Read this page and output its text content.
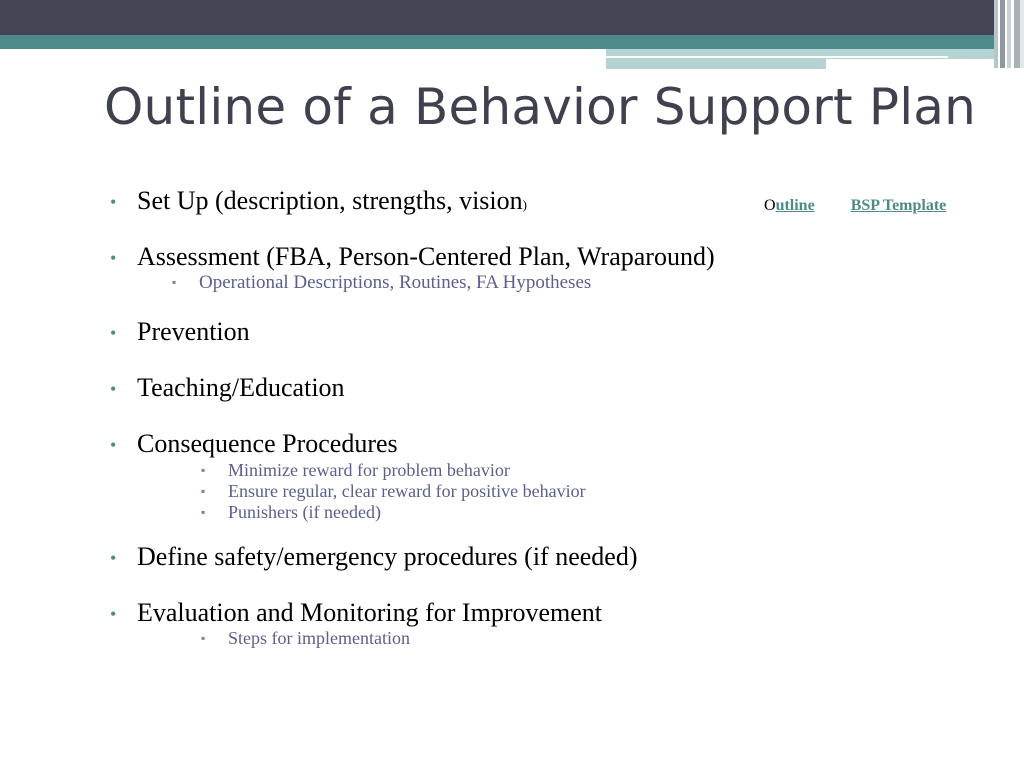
Outline of a Behavior Support Plan
Outline BSP Template
• Set Up (description, strengths, vision)
• Assessment (FBA, Person-Centered Plan, Wraparound)
▪ Operational Descriptions, Routines, FA Hypotheses
• Prevention
• Teaching/Education
• Consequence Procedures
▪ Minimize reward for problem behavior
▪ Ensure regular, clear reward for positive behavior
▪ Punishers (if needed)
• Define safety/emergency procedures (if needed)
• Evaluation and Monitoring for Improvement
▪ Steps for implementation
